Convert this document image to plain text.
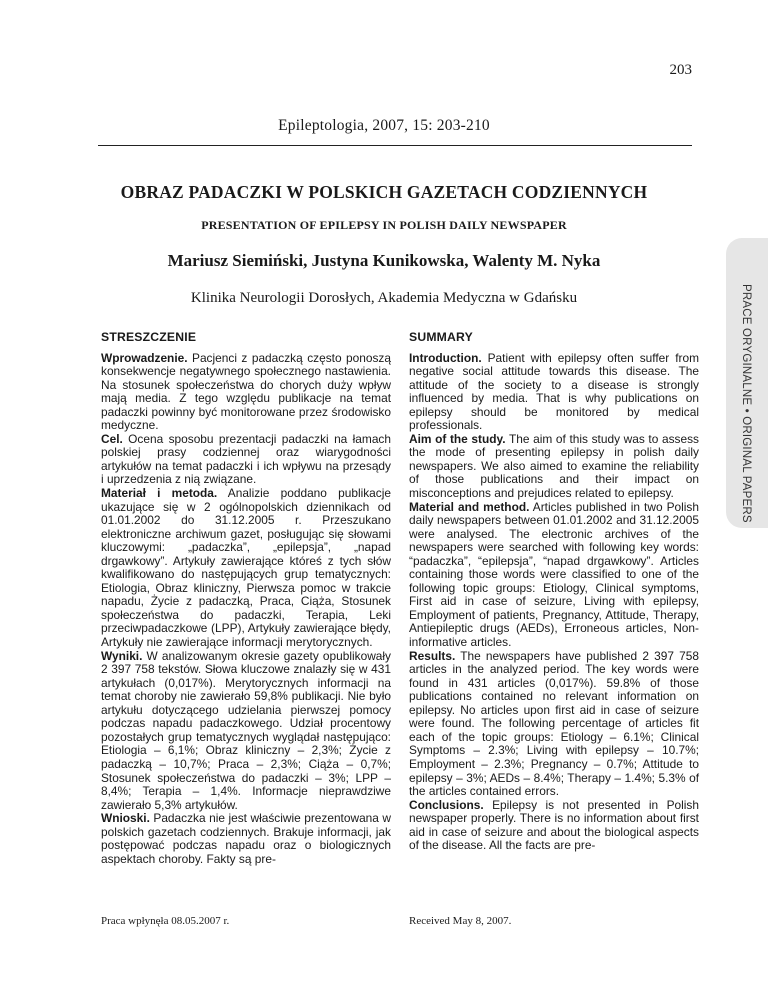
203
Epileptologia, 2007, 15: 203-210
OBRAZ PADACZKI W POLSKICH GAZETACH CODZIENNYCH
PRESENTATION OF EPILEPSY IN POLISH DAILY NEWSPAPER
Mariusz Siemiński, Justyna Kunikowska, Walenty M. Nyka
Klinika Neurologii Dorosłych, Akademia Medyczna w Gdańsku	PRACE ORYGINALNE • ORIGINAL PAPERS
STRESZCZENIE

Wprowadzenie. Pacjenci z padaczką często ponoszą konsekwencje negatywnego społecznego nastawienia. Na stosunek społeczeństwa do chorych duży wpływ mają media. Z tego względu publikacje na temat padaczki powinny być monitorowane przez środowisko medyczne.
Cel. Ocena sposobu prezentacji padaczki na łamach polskiej prasy codziennej oraz wiarygodności artykułów na temat padaczki i ich wpływu na przesądy i uprzedzenia z nią związane.
Materiał i metoda. Analizie poddano publikacje ukazujące się w 2 ogólnopolskich dziennikach od 01.01.2002 do 31.12.2005 r. Przeszukano elektroniczne archiwum gazet, posługując się słowami kluczowymi: „padaczka”, „epilepsja”, „napad drgawkowy”. Artykuły zawierające któreś z tych słów kwalifikowano do następujących grup tematycznych: Etiologia, Obraz kliniczny, Pierwsza pomoc w trakcie napadu, Życie z padaczką, Praca, Ciąża, Stosunek społeczeństwa do padaczki, Terapia, Leki przeciwpadaczkowe (LPP), Artykuły zawierające błędy, Artykuły nie zawierające informacji merytorycznych.
Wyniki. W analizowanym okresie gazety opublikowały 2 397 758 tekstów. Słowa kluczowe znalazły się w 431 artykułach (0,017%). Merytorycznych informacji na temat choroby nie zawierało 59,8% publikacji. Nie było artykułu dotyczącego udzielania pierwszej pomocy podczas napadu padaczkowego. Udział procentowy pozostałych grup tematycznych wyglądał następująco: Etiologia – 6,1%; Obraz kliniczny – 2,3%; Życie z padaczką – 10,7%; Praca – 2,3%; Ciąża – 0,7%; Stosunek społeczeństwa do padaczki – 3%; LPP – 8,4%; Terapia – 1,4%. Informacje nieprawdziwe zawierało 5,3% artykułów.
Wnioski. Padaczka nie jest właściwie prezentowana w polskich gazetach codziennych. Brakuje informacji, jak postępować podczas napadu oraz o biologicznych aspektach choroby. Fakty są pre-

SUMMARY

Introduction. Patient with epilepsy often suffer from negative social attitude towards this disease. The attitude of the society to a disease is strongly influenced by media. That is why publications on epilepsy should be monitored by medical professionals.
Aim of the study. The aim of this study was to assess the mode of presenting epilepsy in polish daily newspapers. We also aimed to examine the reliability of those publications and their impact on misconceptions and prejudices related to epilepsy.
Material and method. Articles published in two Polish daily newspapers between 01.01.2002 and 31.12.2005 were analysed. The electronic archives of the newspapers were searched with following key words: “padaczka”, “epilepsja”, “napad drgawkowy”. Articles containing those words were classified to one of the following topic groups: Etiology, Clinical symptoms, First aid in case of seizure, Living with epilepsy, Employment of patients, Pregnancy, Attitude, Therapy, Antiepileptic drugs (AEDs), Erroneous articles, Non-informative articles.
Results. The newspapers have published 2 397 758 articles in the analyzed period. The key words were found in 431 articles (0,017%). 59.8% of those publications contained no relevant information on epilepsy. No articles upon first aid in case of seizure were found. The following percentage of articles fit each of the topic groups: Etiology – 6.1%; Clinical Symptoms – 2.3%; Living with epilepsy – 10.7%; Employment – 2.3%; Pregnancy – 0.7%; Attitude to epilepsy – 3%; AEDs – 8.4%; Therapy – 1.4%; 5.3% of the articles contained errors.
Conclusions. Epilepsy is not presented in Polish newspaper properly. There is no information about first aid in case of seizure and about the biological aspects of the disease. All the facts are pre-

Praca wpłynęła 08.05.2007 r.	Received May 8, 2007.
